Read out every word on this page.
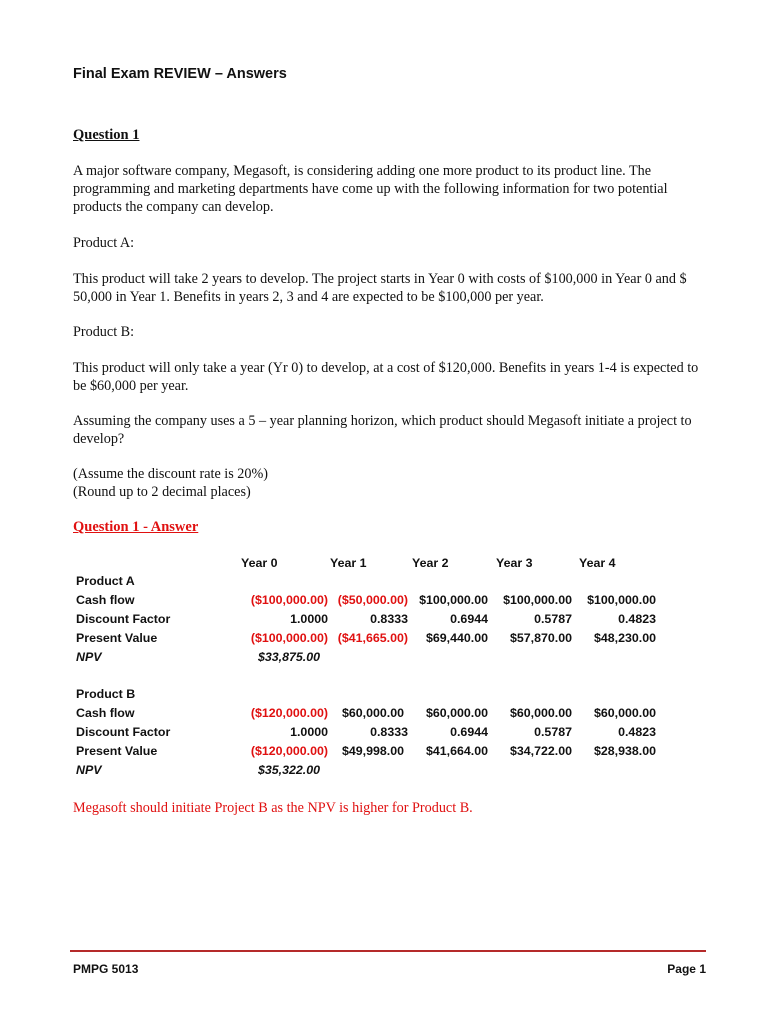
Final Exam REVIEW – Answers
Question 1

A major software company, Megasoft, is considering adding one more product to its product line. The programming and marketing departments have come up with the following information for two potential products the company can develop.

Product A:

This product will take 2 years to develop. The project starts in Year 0 with costs of $100,000 in Year 0 and $ 50,000 in Year 1. Benefits in years 2, 3 and 4 are expected to be $100,000 per year.

Product B:

This product will only take a year (Yr 0) to develop, at a cost of $120,000. Benefits in years 1-4 is expected to be $60,000 per year.

Assuming the company uses a 5 – year planning horizon, which product should Megasoft initiate a project to develop?

(Assume the discount rate is 20%)

(Round up to 2 decimal places)

Question 1 - Answer
Year 0	Year 1	Year 2	Year 3	Year 4
Product A
Cash flow	($100,000.00) ($50,000.00) $100,000.00 $100,000.00 $100,000.00
Discount Factor	1.0000	0.8333	0.6944	0.5787	0.4823
Present Value	($100,000.00) ($41,665.00) $69,440.00 $57,870.00 $48,230.00
NPV	$33,875.00
Product B
Cash flow	($120,000.00) $60,000.00 $60,000.00 $60,000.00 $60,000.00
Discount Factor	1.0000	0.8333	0.6944	0.5787	0.4823
Present Value	($120,000.00) $49,998.00 $41,664.00 $34,722.00 $28,938.00
NPV	$35,322.00
Megasoft should initiate Project B as the NPV is higher for Product B.
PMPG 5013	Page 1
